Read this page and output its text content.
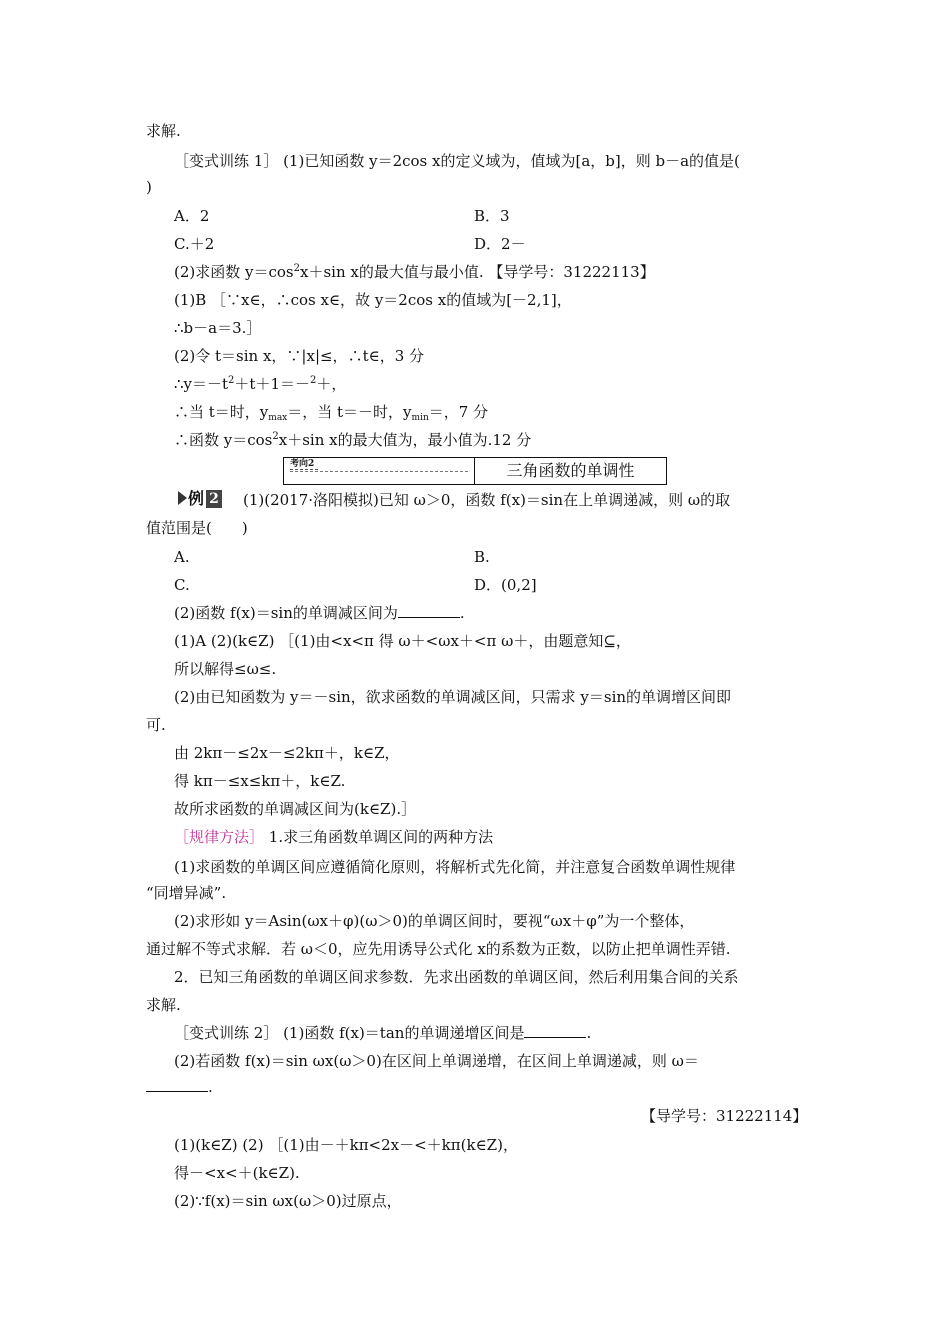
求解.
［变式训练 1］ (1)已知函数 y＝2cos x的定义域为，值域为[a，b]，则 b－a的值是(
)
A．2	B．3
C.＋2	D．2－
(2)求函数 $y=\cos^2x+\sin$ x的最大值与最小值. 【导学号：31222113】
(1)B ［∵x∈，∴cos x∈，故 y＝2cos x的值域为[－2,1]，
∴b－a＝3.］
(2)令 t＝sin x，∵|x|≤，∴t∈，3 分
$\therefore y=-t^2+t+1=-^2+$，
∴当 t＝时，$y_{max}=$，当 t＝－时，$y_{min}=$，7 分
∴函数 $y=\cos^2x+\sin$ x的最大值为，最小值为.12 分
考向2	三角函数的单调性
例 2 (1)(2017·洛阳模拟)已知 ω＞0，函数 f(x)＝sin在上单调递减，则 ω的取
值范围是(　　)
A.	B.
C.	D．(0,2]
(2)函数 f(x)＝sin的单调减区间为	.
(1)A (2)(k∈Z) ［(1)由<x<π 得 ω＋<ωx＋<π ω＋，由题意知⊆，
所以解得≤ω≤.
(2)由已知函数为 y＝－sin，欲求函数的单调减区间，只需求 y＝sin的单调增区间即
可.
由 2kπ－≤2x－≤2kπ＋，k∈Z，
得 kπ－≤x≤kπ＋，k∈Z.
故所求函数的单调减区间为(k∈Z).］
［规律方法］ 1.求三角函数单调区间的两种方法
(1)求函数的单调区间应遵循简化原则，将解析式先化简，并注意复合函数单调性规律
“同增异减”.
(2)求形如 y＝Asin(ωx＋φ)(ω＞0)的单调区间时，要视“ωx＋φ”为一个整体，
通过解不等式求解．若 ω＜0，应先用诱导公式化 x的系数为正数，以防止把单调性弄错.
2．已知三角函数的单调区间求参数．先求出函数的单调区间，然后利用集合间的关系
求解.
［变式训练 2］ (1)函数 f(x)＝tan的单调递增区间是	.
(2)若函数 f(x)＝sin ωx(ω＞0)在区间上单调递增，在区间上单调递减，则 ω＝
.
【导学号：31222114】
(1)(k∈Z) (2) ［(1)由－＋kπ<2x－<＋kπ(k∈Z)，
得－<x<＋(k∈Z).
(2)∵f(x)＝sin ωx(ω＞0)过原点，
